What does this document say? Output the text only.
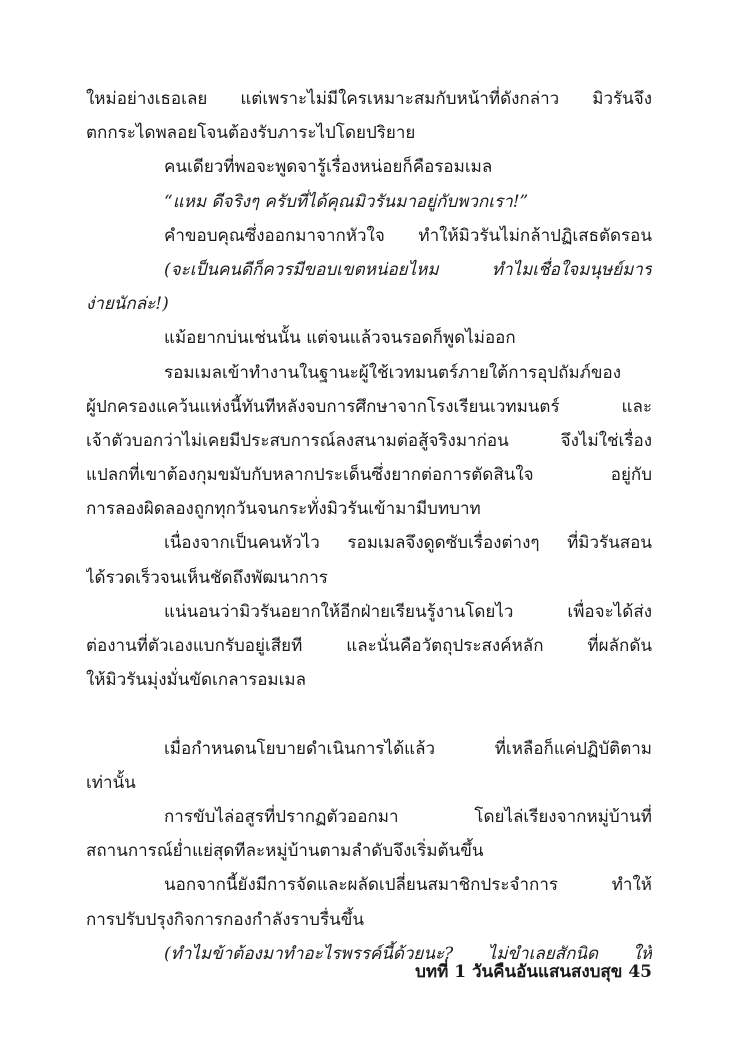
ใหม่อย่างเธอเลย แต่เพราะไม่มีใครเหมาะสมกับหน้าที่ดังกล่าว มิวรันจึง
ตกกระไดพลอยโจนต้องรับภาระไปโดยปริยาย
คนเดียวที่พอจะพูดจารู้เรื่องหน่อยก็คือรอมเมล
“แหม ดีจริงๆ ครับที่ได้คุณมิวรันมาอยู่กับพวกเรา!”
คำขอบคุณซึ่งออกมาจากหัวใจ ทำให้มิวรันไม่กล้าปฏิเสธตัดรอน
(จะเป็นคนดีก็ควรมีขอบเขตหน่อยไหม ทำไมเชื่อใจมนุษย์มาร
ง่ายนักล่ะ!)
แม้อยากบ่นเช่นนั้น แต่จนแล้วจนรอดก็พูดไม่ออก
รอมเมลเข้าทำงานในฐานะผู้ใช้เวทมนตร์ภายใต้การอุปถัมภ์ของ
ผู้ปกครองแคว้นแห่งนี้ทันทีหลังจบการศึกษาจากโรงเรียนเวทมนตร์ และ
เจ้าตัวบอกว่าไม่เคยมีประสบการณ์ลงสนามต่อสู้จริงมาก่อน จึงไม่ใช่เรื่อง
แปลกที่เขาต้องกุมขมับกับหลากประเด็นซึ่งยากต่อการตัดสินใจ อยู่กับ
การลองผิดลองถูกทุกวันจนกระทั่งมิวรันเข้ามามีบทบาท
เนื่องจากเป็นคนหัวไว รอมเมลจึงดูดซับเรื่องต่างๆ ที่มิวรันสอน
ได้รวดเร็วจนเห็นชัดถึงพัฒนาการ
แน่นอนว่ามิวรันอยากให้อีกฝ่ายเรียนรู้งานโดยไว เพื่อจะได้ส่ง
ต่องานที่ตัวเองแบกรับอยู่เสียที และนั่นคือวัตถุประสงค์หลัก ที่ผลักดัน
ให้มิวรันมุ่งมั่นขัดเกลารอมเมล
เมื่อกำหนดนโยบายดำเนินการได้แล้ว ที่เหลือก็แค่ปฏิบัติตาม
เท่านั้น
การขับไล่อสูรที่ปรากฏตัวออกมา โดยไล่เรียงจากหมู่บ้านที่
สถานการณ์ย่ำแย่สุดทีละหมู่บ้านตามลำดับจึงเริ่มต้นขึ้น
นอกจากนี้ยังมีการจัดและผลัดเปลี่ยนสมาชิกประจำการ ทำให้
การปรับปรุงกิจการกองกำลังราบรื่นขึ้น
(ทำไมข้าต้องมาทำอะไรพรรค์นี้ด้วยนะ? ไม่ขำเลยสักนิด ให้
บทที่ 1 วันคืนอันแสนสงบสุข 45
